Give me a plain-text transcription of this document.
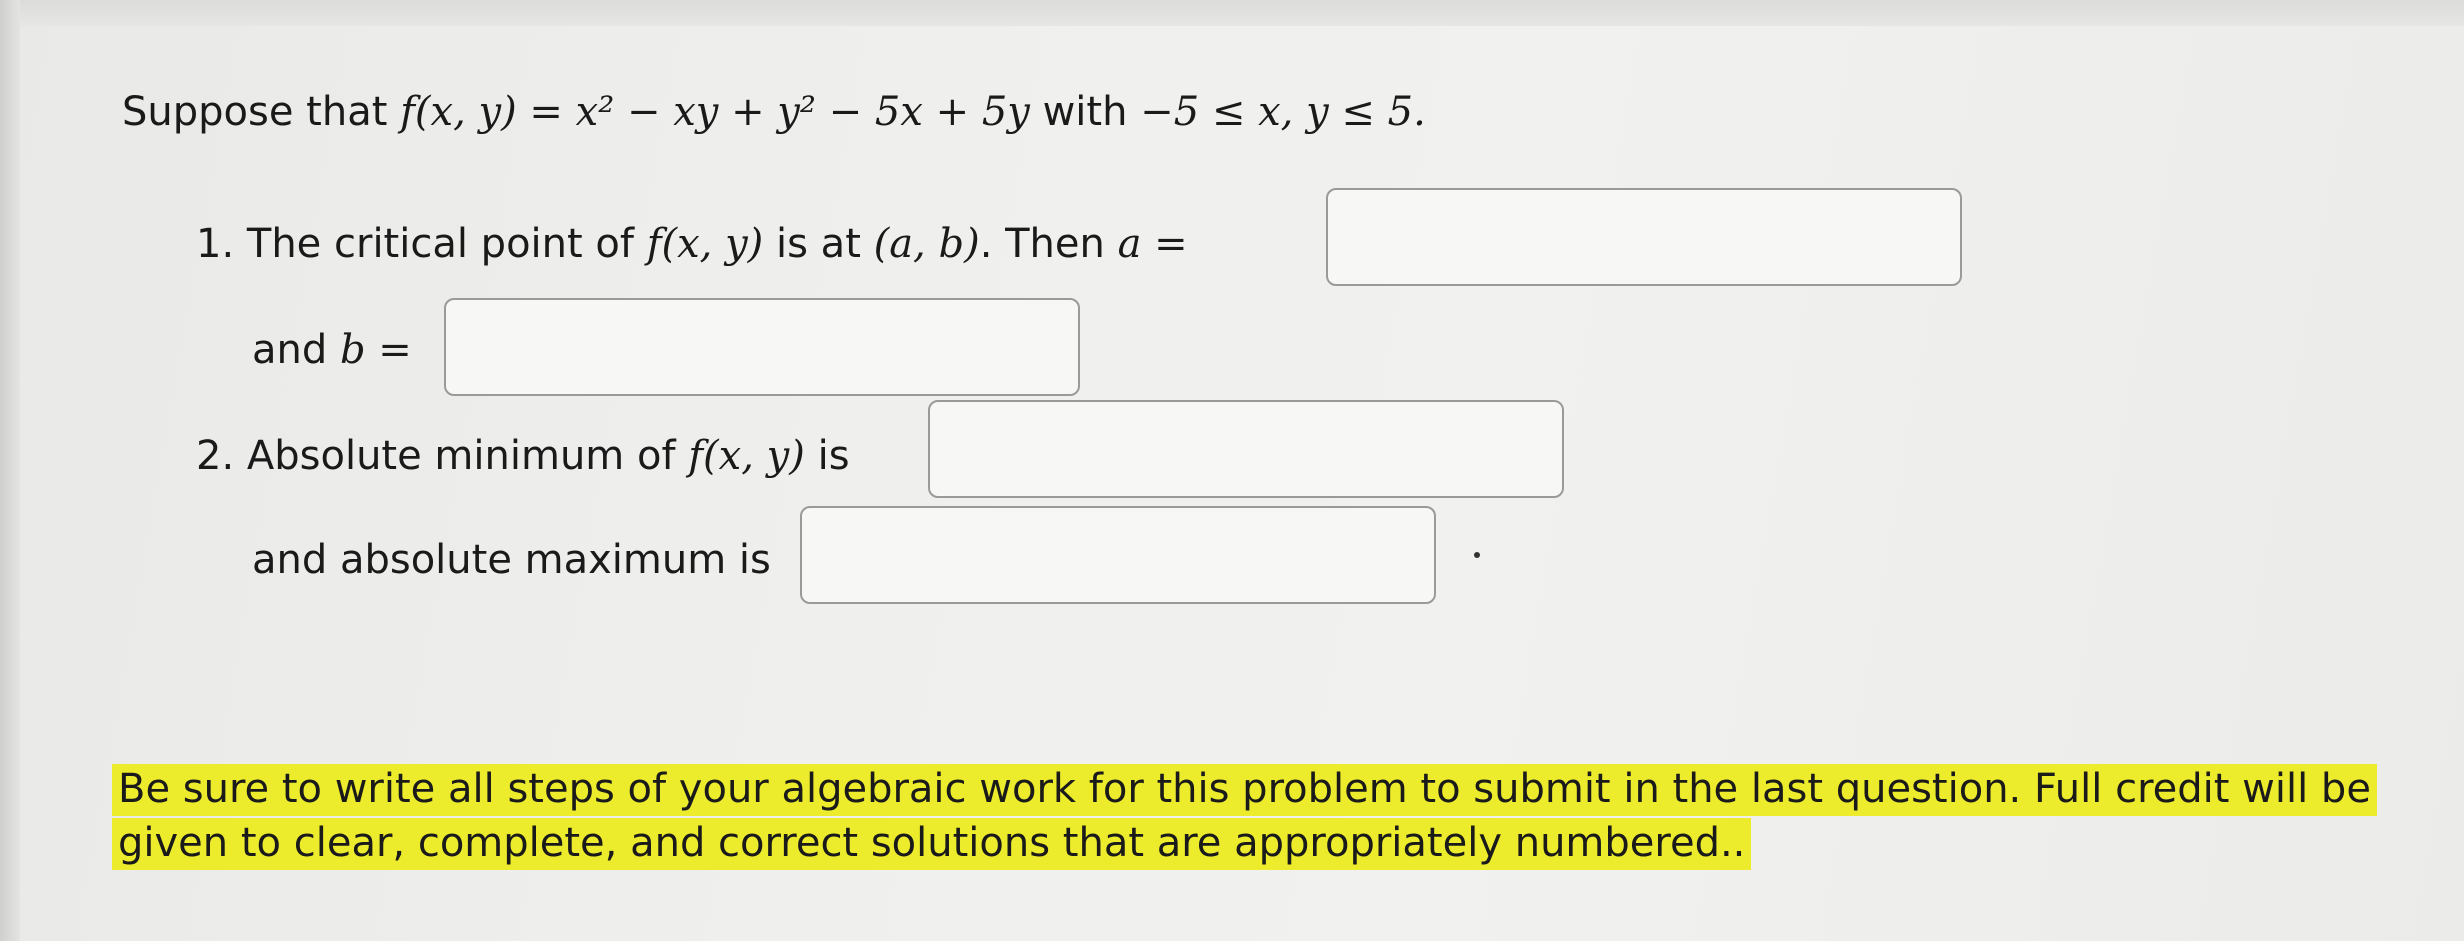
Suppose that f(x, y) = x² − xy + y² − 5x + 5y with −5 ≤ x, y ≤ 5.
1. The critical point of f(x, y) is at (a, b). Then a =
and b =
2. Absolute minimum of f(x, y) is
and absolute maximum is
Be sure to write all steps of your algebraic work for this problem to submit in the last question. Full credit will be given to clear, complete, and correct solutions that are appropriately numbered..
